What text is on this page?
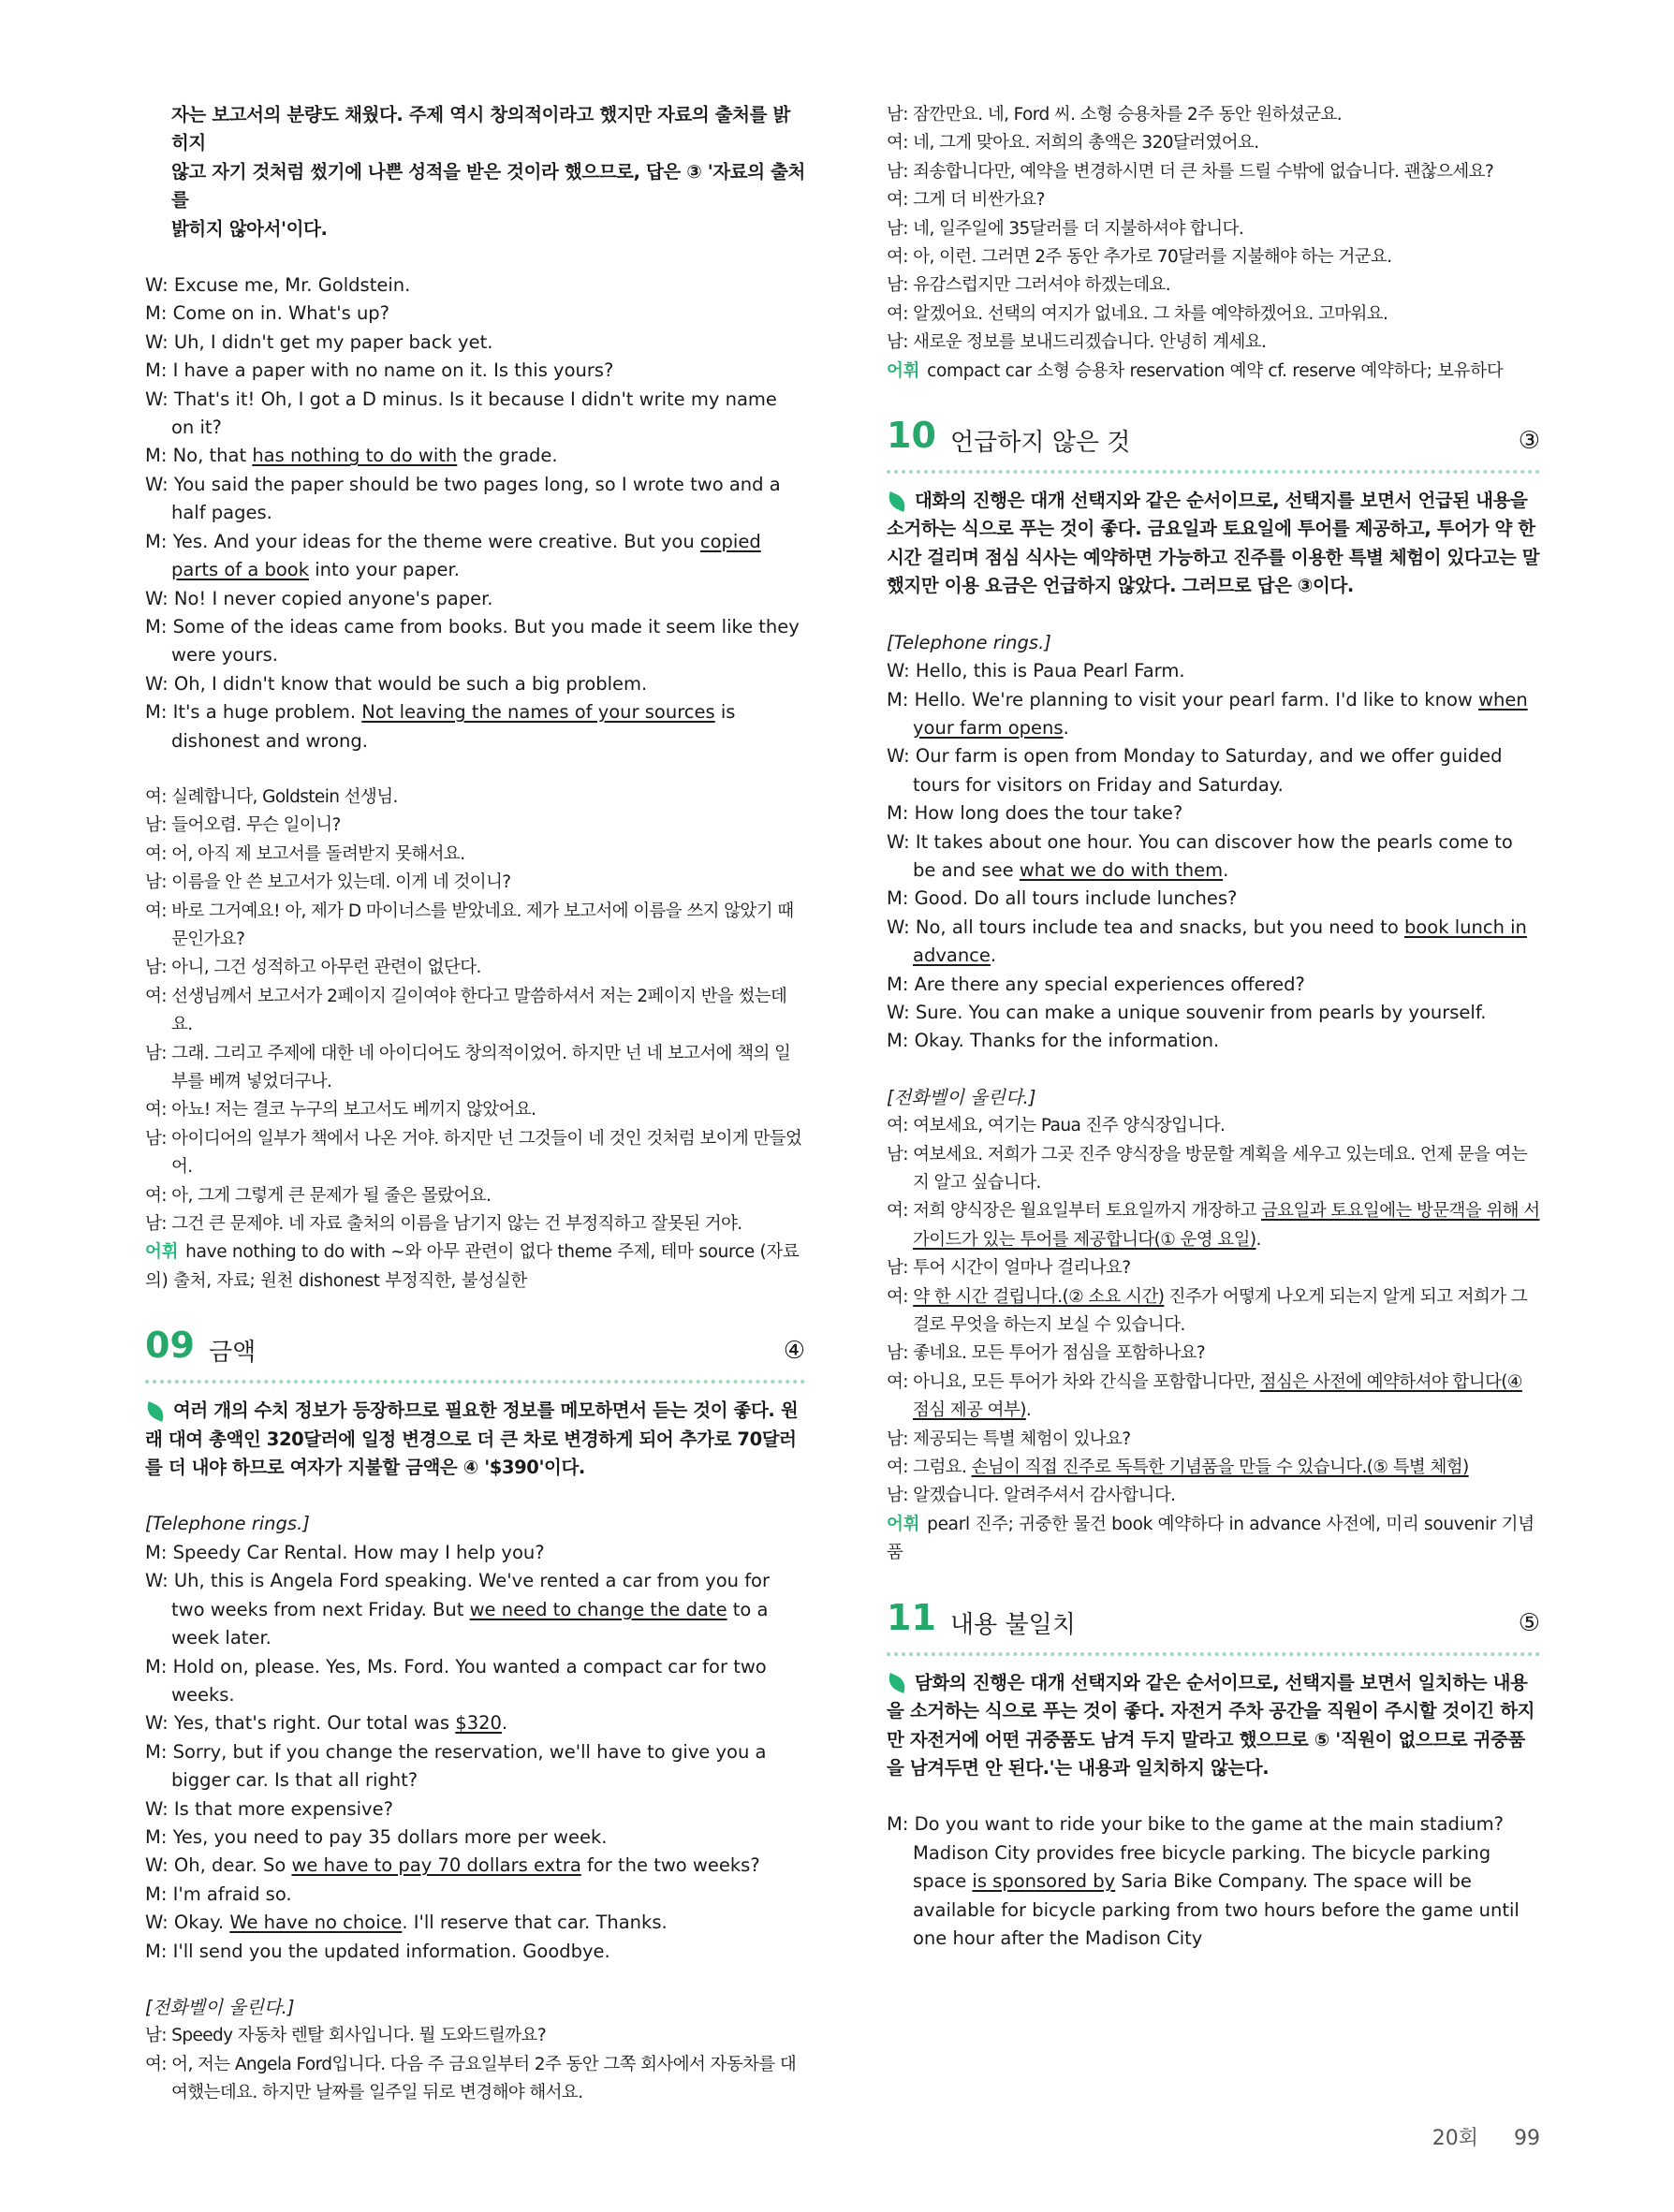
자는 보고서의 분량도 채웠다. 주제 역시 창의적이라고 했지만 자료의 출처를 밝히지

않고 자기 것처럼 썼기에 나쁜 성적을 받은 것이라 했으므로, 답은 ③ '자료의 출처를

밝히지 않아서'이다.

W: Excuse me, Mr. Goldstein.

M: Come on in. What's up?

W: Uh, I didn't get my paper back yet.

M: I have a paper with no name on it. Is this yours?

W: That's it! Oh, I got a D minus. Is it because I didn't write my name on it?

M: No, that has nothing to do with the grade.

W: You said the paper should be two pages long, so I wrote two and a half pages.

M: Yes. And your ideas for the theme were creative. But you copied parts of a book into your paper.

W: No! I never copied anyone's paper.

M: Some of the ideas came from books. But you made it seem like they were yours.

W: Oh, I didn't know that would be such a big problem.

M: It's a huge problem. Not leaving the names of your sources is dishonest and wrong.

여: 실례합니다, Goldstein 선생님.

남: 들어오렴. 무슨 일이니?

여: 어, 아직 제 보고서를 돌려받지 못해서요.

남: 이름을 안 쓴 보고서가 있는데. 이게 네 것이니?

여: 바로 그거예요! 아, 제가 D 마이너스를 받았네요. 제가 보고서에 이름을 쓰지 않았기 때문인가요?

남: 아니, 그건 성적하고 아무런 관련이 없단다.

여: 선생님께서 보고서가 2페이지 길이여야 한다고 말씀하셔서 저는 2페이지 반을 썼는데요.

남: 그래. 그리고 주제에 대한 네 아이디어도 창의적이었어. 하지만 넌 네 보고서에 책의 일부를 베껴 넣었더구나.

여: 아뇨! 저는 결코 누구의 보고서도 베끼지 않았어요.

남: 아이디어의 일부가 책에서 나온 거야. 하지만 넌 그것들이 네 것인 것처럼 보이게 만들었어.

여: 아, 그게 그렇게 큰 문제가 될 줄은 몰랐어요.

남: 그건 큰 문제야. 네 자료 출처의 이름을 남기지 않는 건 부정직하고 잘못된 거야.

어휘 have nothing to do with ~와 아무 관련이 없다 theme 주제, 테마 source (자료의) 출처, 자료; 원천 dishonest 부정직한, 불성실한
09 금액	④

여러 개의 수치 정보가 등장하므로 필요한 정보를 메모하면서 듣는 것이 좋다. 원래 대여 총액인 320달러에 일정 변경으로 더 큰 차로 변경하게 되어 추가로 70달러를 더 내야 하므로 여자가 지불할 금액은 ④ '$390'이다.

[Telephone rings.]

M: Speedy Car Rental. How may I help you?

W: Uh, this is Angela Ford speaking. We've rented a car from you for two weeks from next Friday. But we need to change the date to a week later.

M: Hold on, please. Yes, Ms. Ford. You wanted a compact car for two weeks.

W: Yes, that's right. Our total was $320.

M: Sorry, but if you change the reservation, we'll have to give you a bigger car. Is that all right?

W: Is that more expensive?

M: Yes, you need to pay 35 dollars more per week.

W: Oh, dear. So we have to pay 70 dollars extra for the two weeks?

M: I'm afraid so.

W: Okay. We have no choice. I'll reserve that car. Thanks.

M: I'll send you the updated information. Goodbye.

[전화벨이 울린다.]

남: Speedy 자동차 렌탈 회사입니다. 뭘 도와드릴까요?

여: 어, 저는 Angela Ford입니다. 다음 주 금요일부터 2주 동안 그쪽 회사에서 자동차를 대여했는데요. 하지만 날짜를 일주일 뒤로 변경해야 해서요.

남: 잠깐만요. 네, Ford 씨. 소형 승용차를 2주 동안 원하셨군요.

여: 네, 그게 맞아요. 저희의 총액은 320달러였어요.

남: 죄송합니다만, 예약을 변경하시면 더 큰 차를 드릴 수밖에 없습니다. 괜찮으세요?

여: 그게 더 비싼가요?

남: 네, 일주일에 35달러를 더 지불하셔야 합니다.

여: 아, 이런. 그러면 2주 동안 추가로 70달러를 지불해야 하는 거군요.

남: 유감스럽지만 그러셔야 하겠는데요.

여: 알겠어요. 선택의 여지가 없네요. 그 차를 예약하겠어요. 고마워요.

남: 새로운 정보를 보내드리겠습니다. 안녕히 계세요.

어휘 compact car 소형 승용차 reservation 예약 cf. reserve 예약하다; 보유하다
10 언급하지 않은 것	③

대화의 진행은 대개 선택지와 같은 순서이므로, 선택지를 보면서 언급된 내용을 소거하는 식으로 푸는 것이 좋다. 금요일과 토요일에 투어를 제공하고, 투어가 약 한 시간 걸리며 점심 식사는 예약하면 가능하고 진주를 이용한 특별 체험이 있다고는 말했지만 이용 요금은 언급하지 않았다. 그러므로 답은 ③이다.

[Telephone rings.]

W: Hello, this is Paua Pearl Farm.

M: Hello. We're planning to visit your pearl farm. I'd like to know when your farm opens.

W: Our farm is open from Monday to Saturday, and we offer guided tours for visitors on Friday and Saturday.

M: How long does the tour take?

W: It takes about one hour. You can discover how the pearls come to be and see what we do with them.

M: Good. Do all tours include lunches?

W: No, all tours include tea and snacks, but you need to book lunch in advance.

M: Are there any special experiences offered?

W: Sure. You can make a unique souvenir from pearls by yourself.

M: Okay. Thanks for the information.

[전화벨이 울린다.]

여: 여보세요, 여기는 Paua 진주 양식장입니다.

남: 여보세요. 저희가 그곳 진주 양식장을 방문할 계획을 세우고 있는데요. 언제 문을 여는지 알고 싶습니다.

여: 저희 양식장은 월요일부터 토요일까지 개장하고 금요일과 토요일에는 방문객을 위해 서 가이드가 있는 투어를 제공합니다(① 운영 요일).

남: 투어 시간이 얼마나 걸리나요?

여: 약 한 시간 걸립니다.(② 소요 시간) 진주가 어떻게 나오게 되는지 알게 되고 저희가 그걸로 무엇을 하는지 보실 수 있습니다.

남: 좋네요. 모든 투어가 점심을 포함하나요?

여: 아니요, 모든 투어가 차와 간식을 포함합니다만, 점심은 사전에 예약하셔야 합니다(④ 점심 제공 여부).

남: 제공되는 특별 체험이 있나요?

여: 그럼요. 손님이 직접 진주로 독특한 기념품을 만들 수 있습니다.(⑤ 특별 체험)

남: 알겠습니다. 알려주셔서 감사합니다.

어휘 pearl 진주; 귀중한 물건 book 예약하다 in advance 사전에, 미리 souvenir 기념품
11 내용 불일치	⑤

담화의 진행은 대개 선택지와 같은 순서이므로, 선택지를 보면서 일치하는 내용을 소거하는 식으로 푸는 것이 좋다. 자전거 주차 공간을 직원이 주시할 것이긴 하지만 자전거에 어떤 귀중품도 남겨 두지 말라고 했으므로 ⑤ '직원이 없으므로 귀중품을 남겨두면 안 된다.'는 내용과 일치하지 않는다.

M: Do you want to ride your bike to the game at the main stadium? Madison City provides free bicycle parking. The bicycle parking space is sponsored by Saria Bike Company. The space will be available for bicycle parking from two hours before the game until one hour after the Madison City

20회 99
